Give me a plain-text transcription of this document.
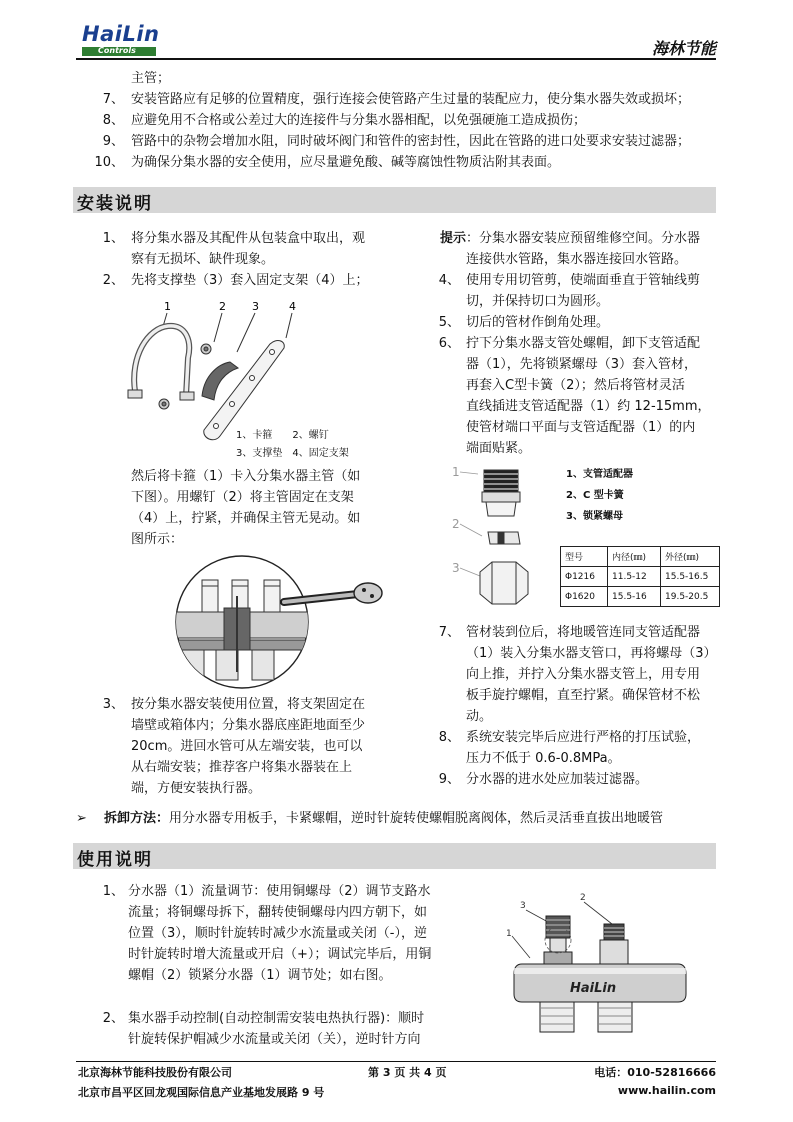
HaiLin
Controls	海林节能
主管；
7、 安装管路应有足够的位置精度，强行连接会使管路产生过量的装配应力，使分集水器失效或损坏；
8、 应避免用不合格或公差过大的连接件与分集水器相配，以免强硬施工造成损伤；
9、 管路中的杂物会增加水阻，同时破坏阀门和管件的密封性，因此在管路的进口处要求安装过滤器；
10、 为确保分集水器的安全使用，应尽量避免酸、碱等腐蚀性物质沾附其表面。
安装说明
1、 将分集水器及其配件从包装盒中取出，观
察有无损坏、缺件现象。
2、 先将支撑垫（3）套入固定支架（4）上；
1	2 3	4
1、卡箍　　2、螺钉
3、支撑垫　4、固定支架
然后将卡箍（1）卡入分集水器主管（如
下图）。用螺钉（2）将主管固定在支架
（4）上，拧紧，并确保主管无晃动。如
图所示：
3、 按分集水器安装使用位置，将支架固定在
墙壁或箱体内；分集水器底座距地面至少
20cm。进回水管可从左端安装，也可以
从右端安装；推荐客户将集水器装在上
端，方便安装执行器。
提示：分集水器安装应预留维修空间。分水器
连接供水管路，集水器连接回水管路。
4、 使用专用切管剪，使端面垂直于管轴线剪
切，并保持切口为圆形。
5、 切后的管材作倒角处理。
6、 拧下分集水器支管处螺帽，卸下支管适配
器（1），先将锁紧螺母（3）套入管材，
再套入C型卡簧（2）；然后将管材灵活
直线插进支管适配器（1）约 12-15mm，
使管材端口平面与支管适配器（1）的内
端面贴紧。
1
2
3
1、支管适配器
2、C 型卡簧
3、锁紧螺母
型号	内径(㎜)	外径(㎜)
Φ1216	11.5-12	15.5-16.5
Φ1620	15.5-16	19.5-20.5
7、 管材装到位后，将地暖管连同支管适配器
（1）装入分集水器支管口，再将螺母（3）
向上推，并拧入分集水器支管上，用专用
板手旋拧螺帽，直至拧紧。确保管材不松
动。
8、 系统安装完毕后应进行严格的打压试验，
压力不低于 0.6-0.8MPa。
9、 分水器的进水处应加装过滤器。
➢ 拆卸方法：用分水器专用板手，卡紧螺帽，逆时针旋转使螺帽脱离阀体，然后灵活垂直拔出地暖管
使用说明
1、 分水器（1）流量调节：使用铜螺母（2）调节支路水
流量；将铜螺母拆下，翻转使铜螺母内四方朝下，如
位置（3），顺时针旋转时减少水流量或关闭（-），逆
时针旋转时增大流量或开启（+）；调试完毕后，用铜
螺帽（2）锁紧分水器（1）调节处；如右图。
2、 集水器手动控制(自动控制需安装电热执行器)：顺时
针旋转保护帽减少水流量或关闭（关），逆时针方向
1
2
3
HaiLin
北京海林节能科技股份有限公司	第 3 页 共 4 页	电话：010-52816666
北京市昌平区回龙观国际信息产业基地发展路 9 号	www.hailin.com
